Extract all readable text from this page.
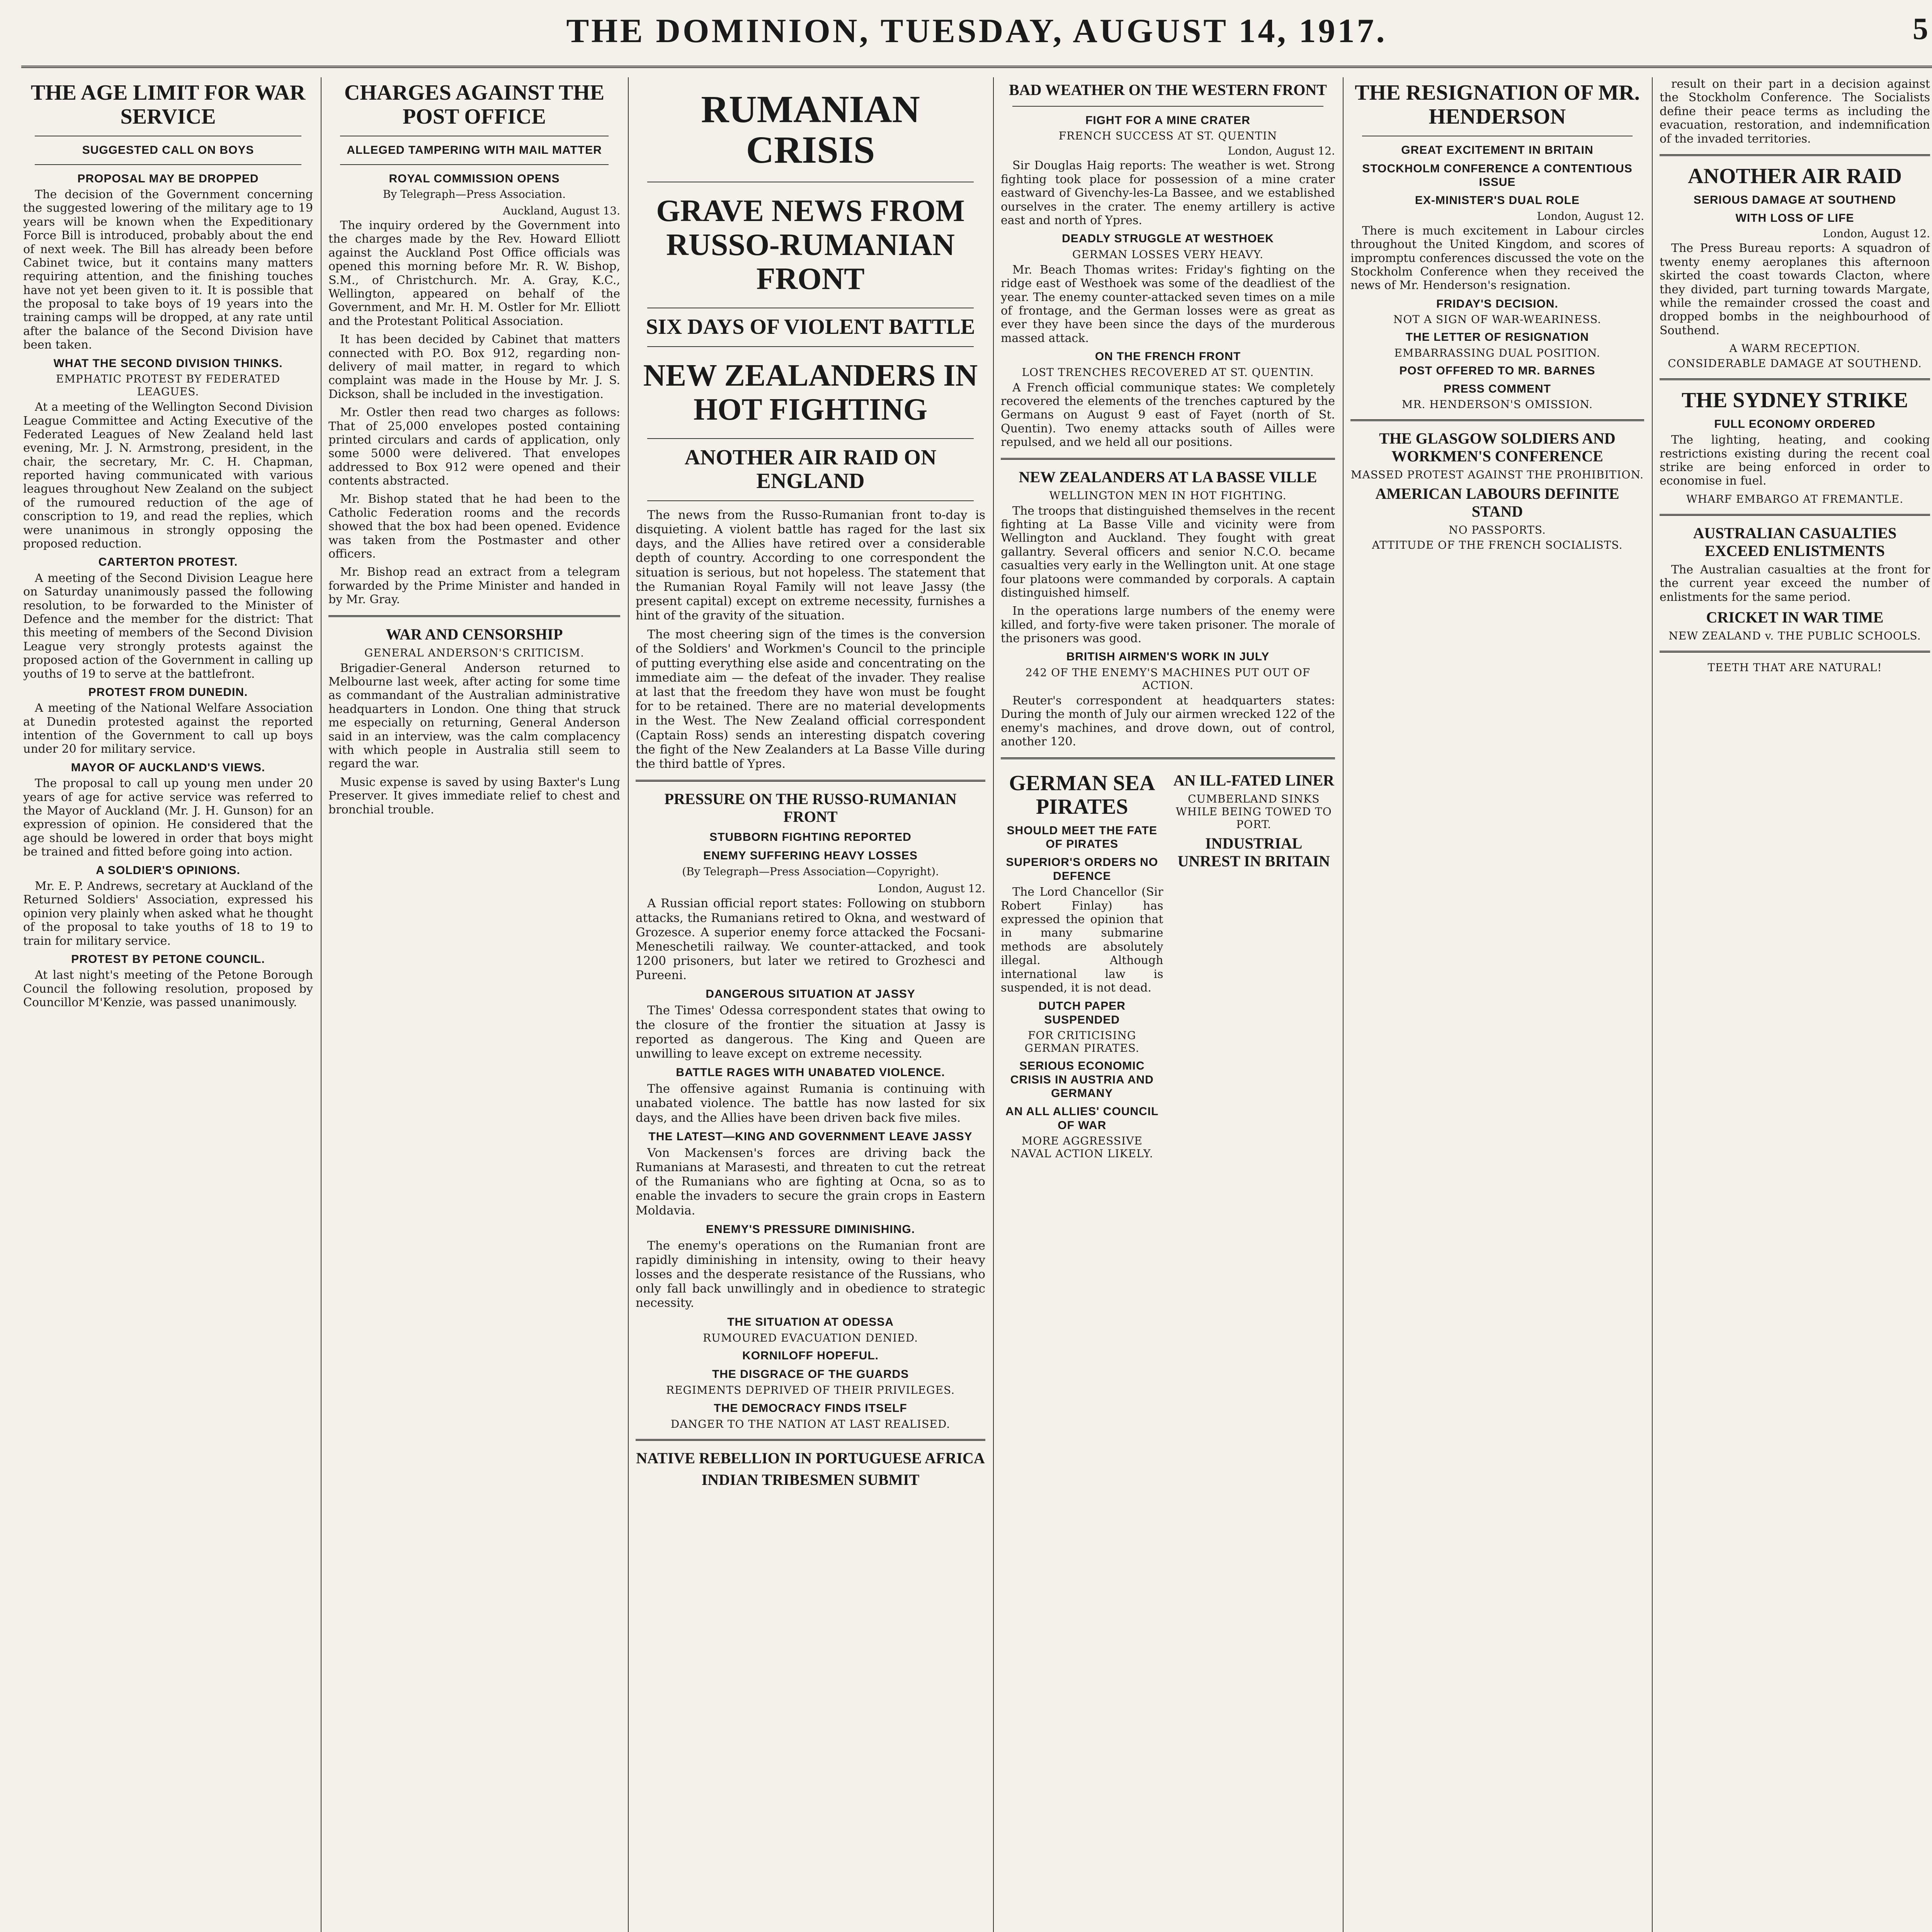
THE DOMINION, TUESDAY, AUGUST 14, 1917.	5
THE AGE LIMIT FOR WAR SERVICE
SUGGESTED CALL ON BOYS
PROPOSAL MAY BE DROPPED

The decision of the Government concerning the suggested lowering of the military age to 19 years will be known when the Expeditionary Force Bill is introduced, probably about the end of next week. The Bill has already been before Cabinet twice, but it contains many matters requiring attention, and the finishing touches have not yet been given to it. It is possible that the proposal to take boys of 19 years into the training camps will be dropped, at any rate until after the balance of the Second Division have been taken.

WHAT THE SECOND DIVISION THINKS.
EMPHATIC PROTEST BY FEDERATED LEAGUES.

At a meeting of the Wellington Second Division League Committee and Acting Executive of the Federated Leagues of New Zealand held last evening, Mr. J. N. Armstrong, president, in the chair, the secretary, Mr. C. H. Chapman, reported having communicated with various leagues throughout New Zealand on the subject of the rumoured reduction of the age of conscription to 19, and read the replies, which were unanimous in strongly opposing the proposed reduction.

CARTERTON PROTEST.

A meeting of the Second Division League here on Saturday unanimously passed the following resolution, to be forwarded to the Minister of Defence and the member for the district: That this meeting of members of the Second Division League very strongly protests against the proposed action of the Government in calling up youths of 19 to serve at the battlefront.

PROTEST FROM DUNEDIN.

A meeting of the National Welfare Association at Dunedin protested against the reported intention of the Government to call up boys under 20 for military service.

MAYOR OF AUCKLAND'S VIEWS.

The proposal to call up young men under 20 years of age for active service was referred to the Mayor of Auckland (Mr. J. H. Gunson) for an expression of opinion. He considered that the age should be lowered in order that boys might be trained and fitted before going into action.

A SOLDIER'S OPINIONS.

Mr. E. P. Andrews, secretary at Auckland of the Returned Soldiers' Association, expressed his opinion very plainly when asked what he thought of the proposal to take youths of 18 to 19 to train for military service.

PROTEST BY PETONE COUNCIL.

At last night's meeting of the Petone Borough Council the following resolution, proposed by Councillor M'Kenzie, was passed unanimously.

CHARGES AGAINST THE POST OFFICE
ALLEGED TAMPERING WITH MAIL MATTER
ROYAL COMMISSION OPENS
By Telegraph—Press Association.
Auckland, August 13.

The inquiry ordered by the Government into the charges made by the Rev. Howard Elliott against the Auckland Post Office officials was opened this morning before Mr. R. W. Bishop, S.M., of Christchurch. Mr. A. Gray, K.C., Wellington, appeared on behalf of the Government, and Mr. H. M. Ostler for Mr. Elliott and the Protestant Political Association.

It has been decided by Cabinet that matters connected with P.O. Box 912, regarding non-delivery of mail matter, in regard to which complaint was made in the House by Mr. J. S. Dickson, shall be included in the investigation.

Mr. Ostler then read two charges as follows: That of 25,000 envelopes posted containing printed circulars and cards of application, only some 5000 were delivered. That envelopes addressed to Box 912 were opened and their contents abstracted.

Mr. Bishop stated that he had been to the Catholic Federation rooms and the records showed that the box had been opened. Evidence was taken from the Postmaster and other officers.

Mr. Bishop read an extract from a telegram forwarded by the Prime Minister and handed in by Mr. Gray.

WAR AND CENSORSHIP
GENERAL ANDERSON'S CRITICISM.

Brigadier-General Anderson returned to Melbourne last week, after acting for some time as commandant of the Australian administrative headquarters in London. One thing that struck me especially on returning, General Anderson said in an interview, was the calm complacency with which people in Australia still seem to regard the war.

Music expense is saved by using Baxter's Lung Preserver. It gives immediate relief to chest and bronchial trouble.

RUMANIAN CRISIS
GRAVE NEWS FROM RUSSO-RUMANIAN FRONT
SIX DAYS OF VIOLENT BATTLE
NEW ZEALANDERS IN HOT FIGHTING
ANOTHER AIR RAID ON ENGLAND

The news from the Russo-Rumanian front to-day is disquieting. A violent battle has raged for the last six days, and the Allies have retired over a considerable depth of country. According to one correspondent the situation is serious, but not hopeless. The statement that the Rumanian Royal Family will not leave Jassy (the present capital) except on extreme necessity, furnishes a hint of the gravity of the situation.

The most cheering sign of the times is the conversion of the Soldiers' and Workmen's Council to the principle of putting everything else aside and concentrating on the immediate aim — the defeat of the invader. They realise at last that the freedom they have won must be fought for to be retained. There are no material developments in the West. The New Zealand official correspondent (Captain Ross) sends an interesting dispatch covering the fight of the New Zealanders at La Basse Ville during the third battle of Ypres.

PRESSURE ON THE RUSSO-RUMANIAN FRONT
STUBBORN FIGHTING REPORTED
ENEMY SUFFERING HEAVY LOSSES
(By Telegraph—Press Association—Copyright).
London, August 12.

A Russian official report states: Following on stubborn attacks, the Rumanians retired to Okna, and westward of Grozesce. A superior enemy force attacked the Focsani-Meneschetili railway. We counter-attacked, and took 1200 prisoners, but later we retired to Grozhesci and Pureeni.

DANGEROUS SITUATION AT JASSY

The Times' Odessa correspondent states that owing to the closure of the frontier the situation at Jassy is reported as dangerous. The King and Queen are unwilling to leave except on extreme necessity.

BATTLE RAGES WITH UNABATED VIOLENCE.

The offensive against Rumania is continuing with unabated violence. The battle has now lasted for six days, and the Allies have been driven back five miles.

THE LATEST—KING AND GOVERNMENT LEAVE JASSY

Von Mackensen's forces are driving back the Rumanians at Marasesti, and threaten to cut the retreat of the Rumanians who are fighting at Ocna, so as to enable the invaders to secure the grain crops in Eastern Moldavia.

ENEMY'S PRESSURE DIMINISHING.

The enemy's operations on the Rumanian front are rapidly diminishing in intensity, owing to their heavy losses and the desperate resistance of the Russians, who only fall back unwillingly and in obedience to strategic necessity.

THE SITUATION AT ODESSA
RUMOURED EVACUATION DENIED.
KORNILOFF HOPEFUL.
THE DISGRACE OF THE GUARDS
REGIMENTS DEPRIVED OF THEIR PRIVILEGES.
THE DEMOCRACY FINDS ITSELF
DANGER TO THE NATION AT LAST REALISED.
NATIVE REBELLION IN PORTUGUESE AFRICA
INDIAN TRIBESMEN SUBMIT
BAD WEATHER ON THE WESTERN FRONT
FIGHT FOR A MINE CRATER
FRENCH SUCCESS AT ST. QUENTIN
London, August 12.

Sir Douglas Haig reports: The weather is wet. Strong fighting took place for possession of a mine crater eastward of Givenchy-les-La Bassee, and we established ourselves in the crater. The enemy artillery is active east and north of Ypres.

DEADLY STRUGGLE AT WESTHOEK
GERMAN LOSSES VERY HEAVY.

Mr. Beach Thomas writes: Friday's fighting on the ridge east of Westhoek was some of the deadliest of the year. The enemy counter-attacked seven times on a mile of frontage, and the German losses were as great as ever they have been since the days of the murderous massed attack.

ON THE FRENCH FRONT
LOST TRENCHES RECOVERED AT ST. QUENTIN.

A French official communique states: We completely recovered the elements of the trenches captured by the Germans on August 9 east of Fayet (north of St. Quentin). Two enemy attacks south of Ailles were repulsed, and we held all our positions.

NEW ZEALANDERS AT LA BASSE VILLE
WELLINGTON MEN IN HOT FIGHTING.

The troops that distinguished themselves in the recent fighting at La Basse Ville and vicinity were from Wellington and Auckland. They fought with great gallantry. Several officers and senior N.C.O. became casualties very early in the Wellington unit. At one stage four platoons were commanded by corporals. A captain distinguished himself.

In the operations large numbers of the enemy were killed, and forty-five were taken prisoner. The morale of the prisoners was good.

BRITISH AIRMEN'S WORK IN JULY
242 OF THE ENEMY'S MACHINES PUT OUT OF ACTION.

Reuter's correspondent at headquarters states: During the month of July our airmen wrecked 122 of the enemy's machines, and drove down, out of control, another 120.

GERMAN SEA PIRATES
SHOULD MEET THE FATE OF PIRATES
SUPERIOR'S ORDERS NO DEFENCE

The Lord Chancellor (Sir Robert Finlay) has expressed the opinion that in many submarine methods are absolutely illegal. Although international law is suspended, it is not dead.

DUTCH PAPER SUSPENDED
FOR CRITICISING GERMAN PIRATES.
SERIOUS ECONOMIC CRISIS IN AUSTRIA AND GERMANY
AN ALL ALLIES' COUNCIL OF WAR
MORE AGGRESSIVE NAVAL ACTION LIKELY.
AN ILL-FATED LINER
CUMBERLAND SINKS WHILE BEING TOWED TO PORT.
INDUSTRIAL UNREST IN BRITAIN
THE RESIGNATION OF MR. HENDERSON
GREAT EXCITEMENT IN BRITAIN
STOCKHOLM CONFERENCE A CONTENTIOUS ISSUE
EX-MINISTER'S DUAL ROLE
London, August 12.

There is much excitement in Labour circles throughout the United Kingdom, and scores of impromptu conferences discussed the vote on the Stockholm Conference when they received the news of Mr. Henderson's resignation.

FRIDAY'S DECISION.
NOT A SIGN OF WAR-WEARINESS.
THE LETTER OF RESIGNATION
EMBARRASSING DUAL POSITION.
POST OFFERED TO MR. BARNES
PRESS COMMENT
MR. HENDERSON'S OMISSION.
THE GLASGOW SOLDIERS AND WORKMEN'S CONFERENCE
MASSED PROTEST AGAINST THE PROHIBITION.
AMERICAN LABOURS DEFINITE STAND
NO PASSPORTS.
ATTITUDE OF THE FRENCH SOCIALISTS.

result on their part in a decision against the Stockholm Conference. The Socialists define their peace terms as including the evacuation, restoration, and indemnification of the invaded territories.

ANOTHER AIR RAID
SERIOUS DAMAGE AT SOUTHEND
WITH LOSS OF LIFE
London, August 12.

The Press Bureau reports: A squadron of twenty enemy aeroplanes this afternoon skirted the coast towards Clacton, where they divided, part turning towards Margate, while the remainder crossed the coast and dropped bombs in the neighbourhood of Southend.

A WARM RECEPTION.
CONSIDERABLE DAMAGE AT SOUTHEND.
THE SYDNEY STRIKE
FULL ECONOMY ORDERED

The lighting, heating, and cooking restrictions existing during the recent coal strike are being enforced in order to economise in fuel.

WHARF EMBARGO AT FREMANTLE.
AUSTRALIAN CASUALTIES EXCEED ENLISTMENTS

The Australian casualties at the front for the current year exceed the number of enlistments for the same period.

CRICKET IN WAR TIME
NEW ZEALAND v. THE PUBLIC SCHOOLS.
TEETH THAT ARE NATURAL!
